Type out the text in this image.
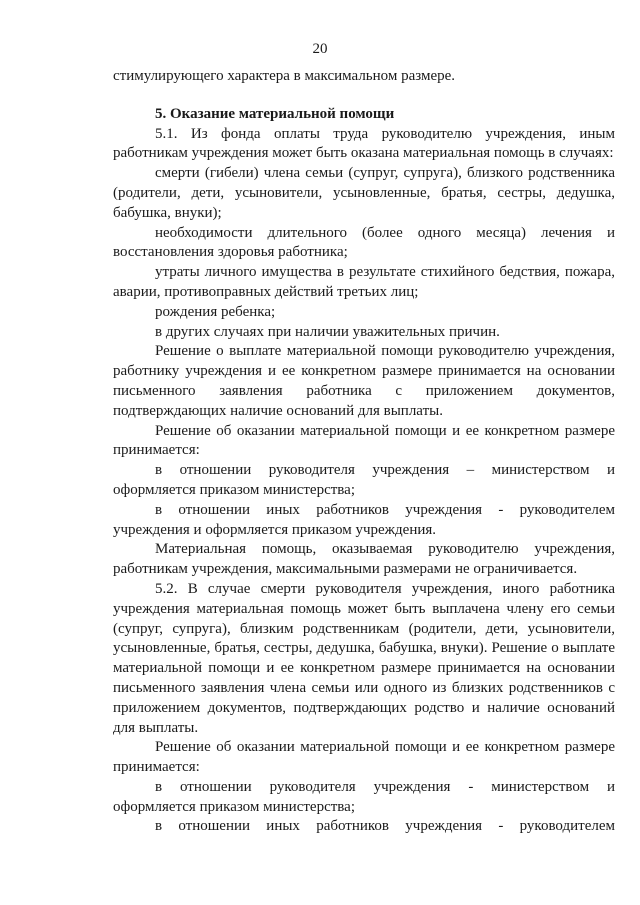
20

стимулирующего характера в максимальном размере.

5. Оказание материальной помощи

5.1. Из фонда оплаты труда руководителю учреждения, иным работникам учреждения может быть оказана материальная помощь в случаях:

смерти (гибели) члена семьи (супруг, супруга), близкого родственника (родители, дети, усыновители, усыновленные, братья, сестры, дедушка, бабушка, внуки);

необходимости длительного (более одного месяца) лечения и восстановления здоровья работника;

утраты личного имущества в результате стихийного бедствия, пожара, аварии, противоправных действий третьих лиц;

рождения ребенка;

в других случаях при наличии уважительных причин.

Решение о выплате материальной помощи руководителю учреждения, работнику учреждения и ее конкретном размере принимается на основании письменного заявления работника с приложением документов, подтверждающих наличие оснований для выплаты.

Решение об оказании материальной помощи и ее конкретном размере принимается:

в отношении руководителя учреждения – министерством и оформляется приказом министерства;

в отношении иных работников учреждения - руководителем учреждения и оформляется приказом учреждения.

Материальная помощь, оказываемая руководителю учреждения, работникам учреждения, максимальными размерами не ограничивается.

5.2. В случае смерти руководителя учреждения, иного работника учреждения материальная помощь может быть выплачена члену его семьи (супруг, супруга), близким родственникам (родители, дети, усыновители, усыновленные, братья, сестры, дедушка, бабушка, внуки). Решение о выплате материальной помощи и ее конкретном размере принимается на основании письменного заявления члена семьи или одного из близких родственников с приложением документов, подтверждающих родство и наличие оснований для выплаты.

Решение об оказании материальной помощи и ее конкретном размере принимается:

в отношении руководителя учреждения - министерством и оформляется приказом министерства;

в отношении иных работников учреждения - руководителем
